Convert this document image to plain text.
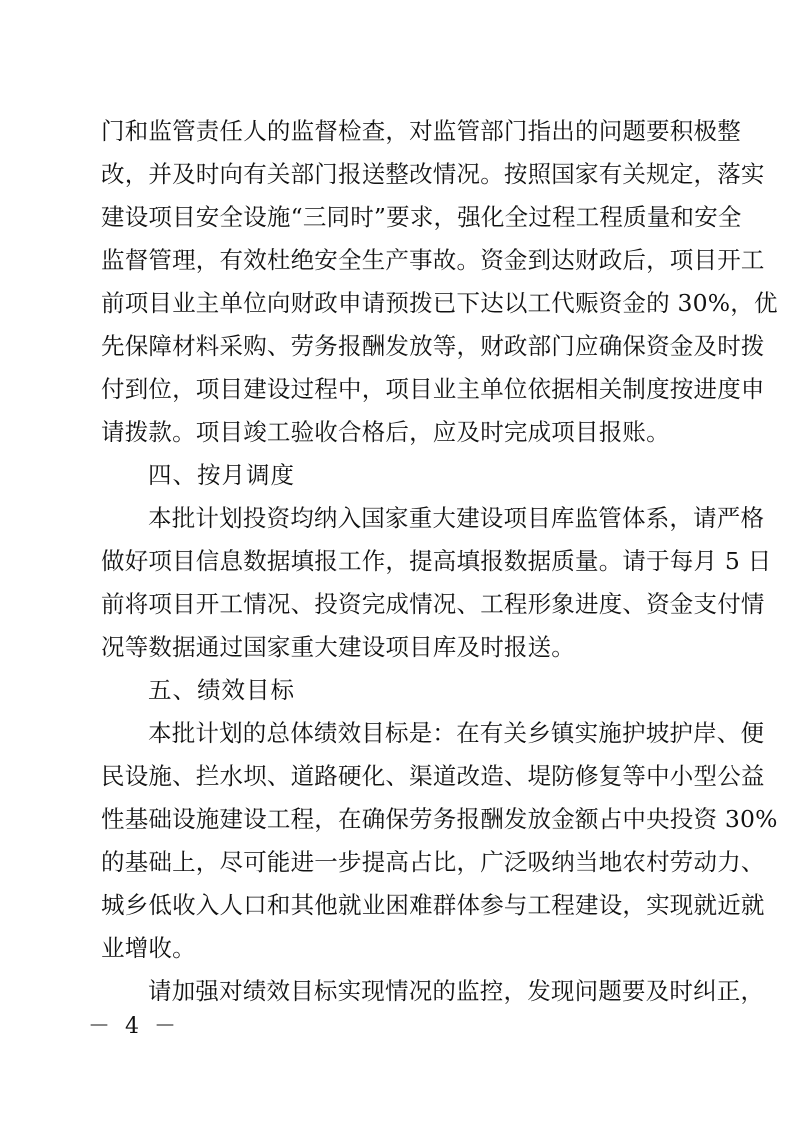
门和监管责任人的监督检查，对监管部门指出的问题要积极整
改，并及时向有关部门报送整改情况。按照国家有关规定，落实
建设项目安全设施“三同时”要求，强化全过程工程质量和安全
监督管理，有效杜绝安全生产事故。资金到达财政后，项目开工
前项目业主单位向财政申请预拨已下达以工代赈资金的 30%，优
先保障材料采购、劳务报酬发放等，财政部门应确保资金及时拨
付到位，项目建设过程中，项目业主单位依据相关制度按进度申
请拨款。项目竣工验收合格后，应及时完成项目报账。
四、按月调度
本批计划投资均纳入国家重大建设项目库监管体系，请严格
做好项目信息数据填报工作，提高填报数据质量。请于每月 5 日
前将项目开工情况、投资完成情况、工程形象进度、资金支付情
况等数据通过国家重大建设项目库及时报送。
五、绩效目标
本批计划的总体绩效目标是：在有关乡镇实施护坡护岸、便
民设施、拦水坝、道路硬化、渠道改造、堤防修复等中小型公益
性基础设施建设工程，在确保劳务报酬发放金额占中央投资 30%
的基础上，尽可能进一步提高占比，广泛吸纳当地农村劳动力、
城乡低收入人口和其他就业困难群体参与工程建设，实现就近就
业增收。
请加强对绩效目标实现情况的监控，发现问题要及时纠正，
－ 4 －
